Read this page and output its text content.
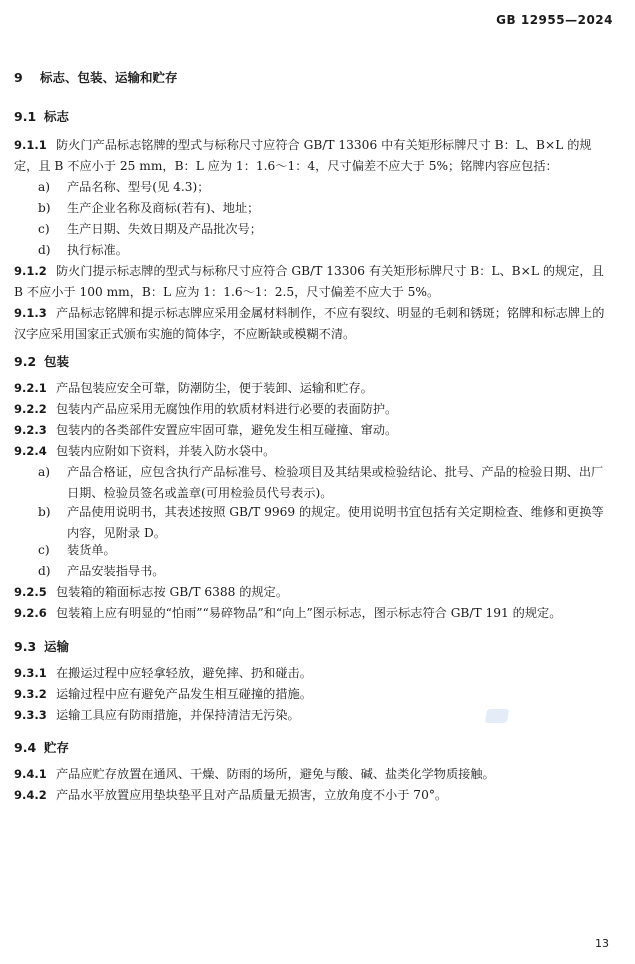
GB 12955—2024
9 标志、包装、运输和贮存
9.1 标志
9.1.1 防火门产品标志铭牌的型式与标称尺寸应符合 GB/T 13306 中有关矩形标牌尺寸 B：L、B×L 的规定，且 B 不应小于 25 mm，B：L 应为 1：1.6～1：4，尺寸偏差不应大于 5%；铭牌内容应包括：
a) 产品名称、型号(见 4.3)；
b) 生产企业名称及商标(若有)、地址；
c) 生产日期、失效日期及产品批次号；
d) 执行标准。
9.1.2 防火门提示标志牌的型式与标称尺寸应符合 GB/T 13306 有关矩形标牌尺寸 B：L、B×L 的规定，且 B 不应小于 100 mm，B：L 应为 1：1.6～1：2.5，尺寸偏差不应大于 5%。
9.1.3 产品标志铭牌和提示标志牌应采用金属材料制作，不应有裂纹、明显的毛刺和锈斑；铭牌和标志牌上的汉字应采用国家正式颁布实施的简体字，不应断缺或模糊不清。
9.2 包装
9.2.1 产品包装应安全可靠，防潮防尘，便于装卸、运输和贮存。
9.2.2 包装内产品应采用无腐蚀作用的软质材料进行必要的表面防护。
9.2.3 包装内的各类部件安置应牢固可靠，避免发生相互碰撞、窜动。
9.2.4 包装内应附如下资料，并装入防水袋中。
a) 产品合格证，应包含执行产品标准号、检验项目及其结果或检验结论、批号、产品的检验日期、出厂日期、检验员签名或盖章(可用检验员代号表示)。
b) 产品使用说明书，其表述按照 GB/T 9969 的规定。使用说明书宜包括有关定期检查、维修和更换等内容，见附录 D。
c) 装货单。
d) 产品安装指导书。
9.2.5 包装箱的箱面标志按 GB/T 6388 的规定。
9.2.6 包装箱上应有明显的“怕雨”“易碎物品”和“向上”图示标志，图示标志符合 GB/T 191 的规定。
9.3 运输
9.3.1 在搬运过程中应轻拿轻放，避免摔、扔和碰击。
9.3.2 运输过程中应有避免产品发生相互碰撞的措施。
9.3.3 运输工具应有防雨措施，并保持清洁无污染。
9.4 贮存
9.4.1 产品应贮存放置在通风、干燥、防雨的场所，避免与酸、碱、盐类化学物质接触。
9.4.2 产品水平放置应用垫块垫平且对产品质量无损害，立放角度不小于 70°。
13
